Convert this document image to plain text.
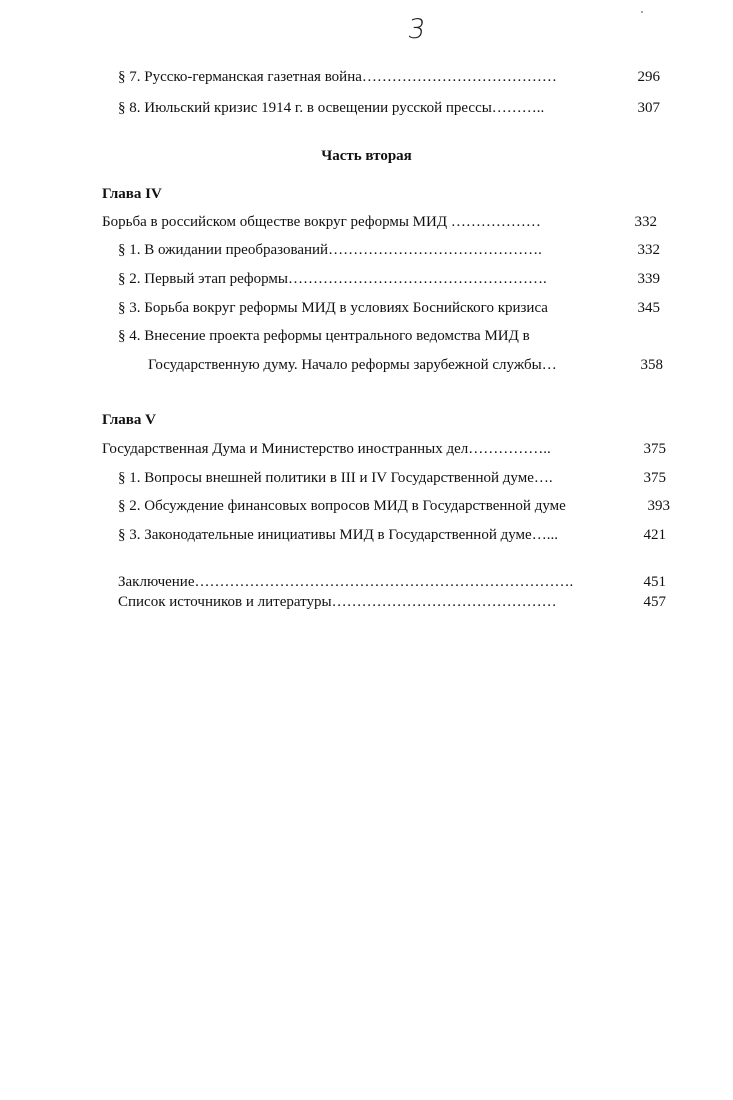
3
§ 7. Русско-германская газетная война…………………………………	296
§ 8. Июльский кризис 1914 г. в освещении русской прессы………..	307
Часть вторая
Глава IV
Борьба в российском обществе вокруг реформы МИД ………………	332
§ 1. В ожидании преобразований…………………………………….	332
§ 2. Первый этап реформы…………………………………………….	339
§ 3. Борьба вокруг реформы МИД в условиях Боснийского кризиса	345
§ 4. Внесение проекта реформы центрального ведомства МИД в
Государственную думу. Начало реформы зарубежной службы…	358
Глава V
Государственная Дума и Министерство иностранных дел……………..	375
§ 1. Вопросы внешней политики в III и IV Государственной думе….	375
§ 2. Обсуждение финансовых вопросов МИД в Государственной думе	393
§ 3. Законодательные инициативы МИД в Государственной думе…...	421
Заключение………………………………………………………………….	451
Список источников и литературы………………………………………	457
